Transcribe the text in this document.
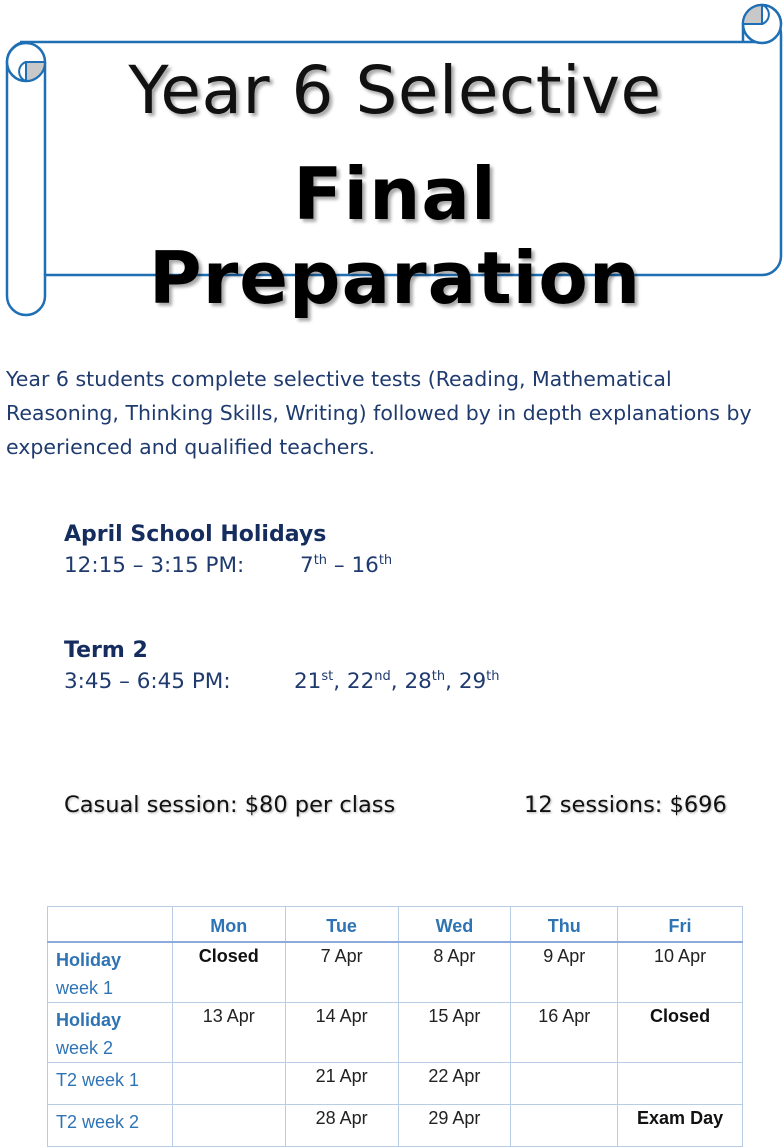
Year 6 Selective
Final Preparation
Year 6 students complete selective tests (Reading, Mathematical Reasoning, Thinking Skills, Writing) followed by in depth explanations by experienced and qualified teachers.
April School Holidays
12:15 – 3:15 PM:	7th – 16th
Term 2
3:45 – 6:45 PM:	21st, 22nd, 28th, 29th
Casual session: $80 per class	12 sessions: $696
	Mon	Tue	Wed	Thu	Fri
Holiday
week 1	Closed	7 Apr	8 Apr	9 Apr	10 Apr
Holiday
week 2	13 Apr	14 Apr	15 Apr	16 Apr	Closed
T2 week 1		21 Apr	22 Apr		
T2 week 2		28 Apr	29 Apr		Exam Day
